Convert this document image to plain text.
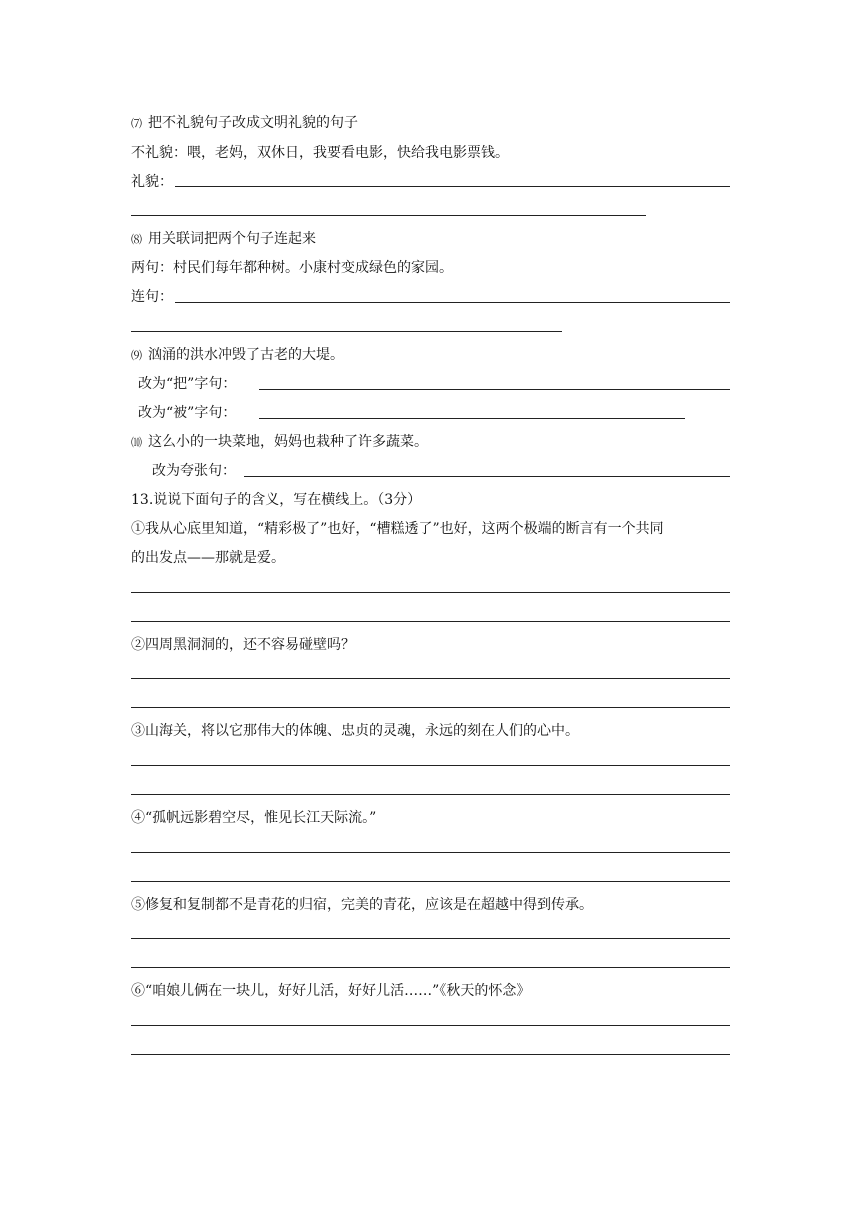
⑺ 把不礼貌句子改成文明礼貌的句子
不礼貌：喂，老妈，双休日，我要看电影，快给我电影票钱。
礼貌：
⑻ 用关联词把两个句子连起来
两句：村民们每年都种树。小康村变成绿色的家园。
连句：
⑼ 汹涌的洪水冲毁了古老的大堤。
改为“把”字句：
改为“被”字句：
⑽ 这么小的一块菜地，妈妈也栽种了许多蔬菜。
改为夸张句：
13.说说下面句子的含义，写在横线上。（3分）
①我从心底里知道，“精彩极了”也好，“槽糕透了”也好，这两个极端的断言有一个共同
的出发点——那就是爱。
②四周黑洞洞的，还不容易碰壁吗？
③山海关，将以它那伟大的体魄、忠贞的灵魂，永远的刻在人们的心中。
④“孤帆远影碧空尽，惟见长江天际流。”
⑤修复和复制都不是青花的归宿，完美的青花，应该是在超越中得到传承。
⑥“咱娘儿俩在一块儿，好好儿活，好好儿活……”《秋天的怀念》
